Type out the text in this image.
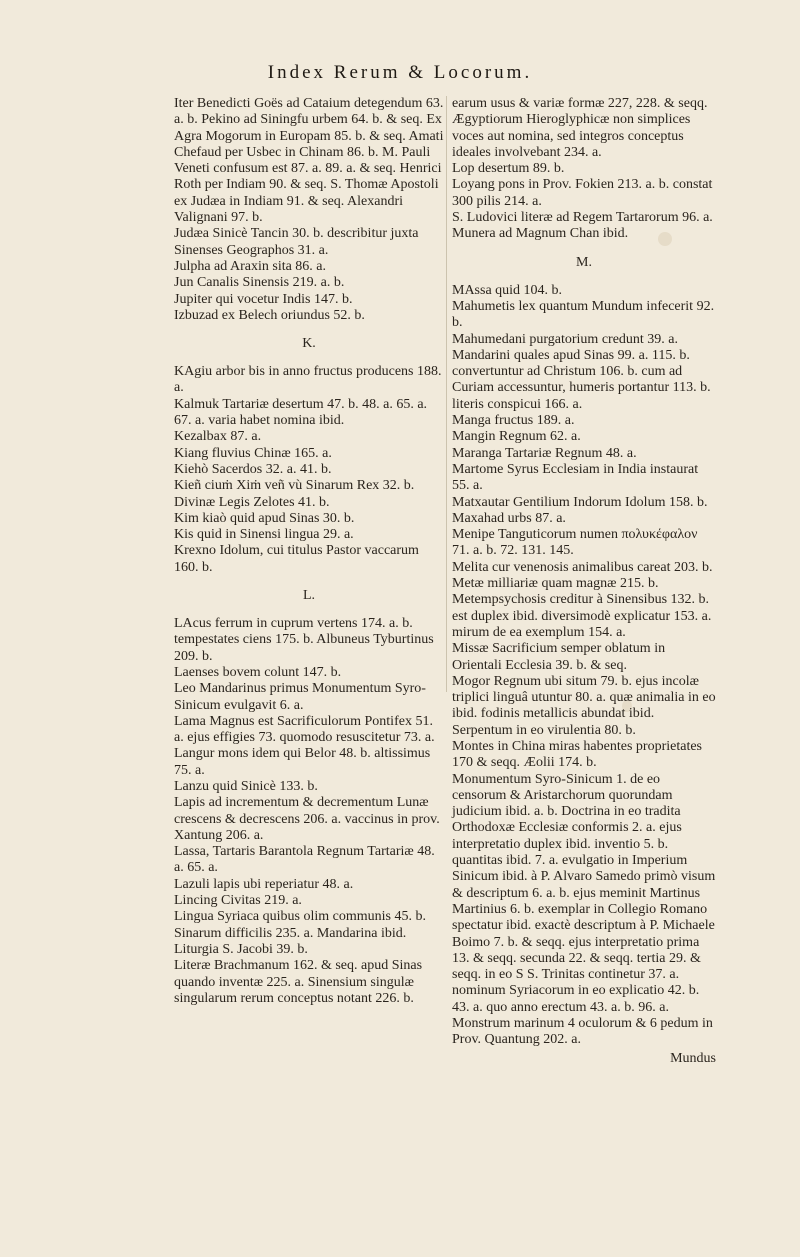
Index Rerum & Locorum.
Iter Benedicti Goës ad Cataium detegendum 63. a. b. Pekino ad Siningfu urbem 64. b. & seq. Ex Agra Mogorum in Europam 85. b. & seq. Amati Chefaud per Usbec in Chinam 86. b. M. Pauli Veneti confusum est 87. a. 89. a. & seq. Henrici Roth per Indiam 90. & seq. S. Thomæ Apostoli ex Judæa in Indiam 91. & seq. Alexandri Valignani 97. b.
Judæa Sinicè Tancin 30. b. describitur juxta Sinenses Geographos 31. a.
Julpha ad Araxin sita 86. a.
Jun Canalis Sinensis 219. a. b.
Jupiter qui vocetur Indis 147. b.
Izbuzad ex Belech oriundus 52. b.
K.
KAgiu arbor bis in anno fructus producens 188. a.
Kalmuk Tartariæ desertum 47. b. 48. a. 65. a. 67. a. varia habet nomina ibid.
Kezalbax 87. a.
Kiang fluvius Chinæ 165. a.
Kiehò Sacerdos 32. a. 41. b.
Kieñ ciuṁ Xiṁ veñ vù Sinarum Rex 32. b. Divinæ Legis Zelotes 41. b.
Kim kiaò quid apud Sinas 30. b.
Kis quid in Sinensi lingua 29. a.
Krexno Idolum, cui titulus Pastor vaccarum 160. b.
L.
LAcus ferrum in cuprum vertens 174. a. b. tempestates ciens 175. b. Albuneus Tyburtinus 209. b.
Laenses bovem colunt 147. b.
Leo Mandarinus primus Monumentum Syro-Sinicum evulgavit 6. a.
Lama Magnus est Sacrificulorum Pontifex 51. a. ejus effigies 73. quomodo resuscitetur 73. a.
Langur mons idem qui Belor 48. b. altissimus 75. a.
Lanzu quid Sinicè 133. b.
Lapis ad incrementum & decrementum Lunæ crescens & decrescens 206. a. vaccinus in prov. Xantung 206. a.
Lassa, Tartaris Barantola Regnum Tartariæ 48. a. 65. a.
Lazuli lapis ubi reperiatur 48. a.
Lincing Civitas 219. a.
Lingua Syriaca quibus olim communis 45. b. Sinarum difficilis 235. a. Mandarina ibid.
Liturgia S. Jacobi 39. b.
Literæ Brachmanum 162. & seq. apud Sinas quando inventæ 225. a. Sinensium singulæ singularum rerum conceptus notant 226. b.
earum usus & variæ formæ 227, 228. & seqq. Ægyptiorum Hieroglyphicæ non simplices voces aut nomina, sed integros conceptus ideales involvebant 234. a.
Lop desertum 89. b.
Loyang pons in Prov. Fokien 213. a. b. constat 300 pilis 214. a.
S. Ludovici literæ ad Regem Tartarorum 96. a. Munera ad Magnum Chan ibid.
M.
MAssa quid 104. b.
Mahumetis lex quantum Mundum infecerit 92. b.
Mahumedani purgatorium credunt 39. a.
Mandarini quales apud Sinas 99. a. 115. b. convertuntur ad Christum 106. b. cum ad Curiam accessuntur, humeris portantur 113. b. literis conspicui 166. a.
Manga fructus 189. a.
Mangin Regnum 62. a.
Maranga Tartariæ Regnum 48. a.
Martome Syrus Ecclesiam in India instaurat 55. a.
Matxautar Gentilium Indorum Idolum 158. b.
Maxahad urbs 87. a.
Menipe Tanguticorum numen πολυκέφαλον 71. a. b. 72. 131. 145.
Melita cur venenosis animalibus careat 203. b.
Metæ milliariæ quam magnæ 215. b.
Metempsychosis creditur à Sinensibus 132. b. est duplex ibid. diversimodè explicatur 153. a. mirum de ea exemplum 154. a.
Missæ Sacrificium semper oblatum in Orientali Ecclesia 39. b. & seq.
Mogor Regnum ubi situm 79. b. ejus incolæ triplici linguâ utuntur 80. a. quæ animalia in eo ibid. fodinis metallicis abundat ibid. Serpentum in eo virulentia 80. b.
Montes in China miras habentes proprietates 170 & seqq. Æolii 174. b.
Monumentum Syro-Sinicum 1. de eo censorum & Aristarchorum quorundam judicium ibid. a. b. Doctrina in eo tradita Orthodoxæ Ecclesiæ conformis 2. a. ejus interpretatio duplex ibid. inventio 5. b. quantitas ibid. 7. a. evulgatio in Imperium Sinicum ibid. à P. Alvaro Samedo primò visum & descriptum 6. a. b. ejus meminit Martinus Martinius 6. b. exemplar in Collegio Romano spectatur ibid. exactè descriptum à P. Michaele Boimo 7. b. & seqq. ejus interpretatio prima 13. & seqq. secunda 22. & seqq. tertia 29. & seqq. in eo S S. Trinitas continetur 37. a. nominum Syriacorum in eo explicatio 42. b. 43. a. quo anno erectum 43. a. b. 96. a.
Monstrum marinum 4 oculorum & 6 pedum in Prov. Quantung 202. a.
Mundus
